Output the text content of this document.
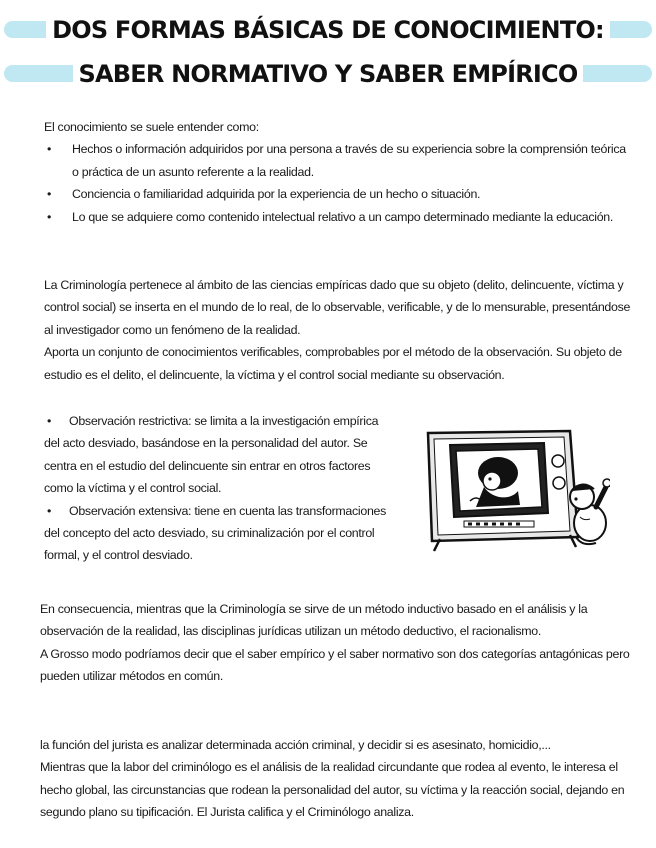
DOS FORMAS BÁSICAS DE CONOCIMIENTO:
SABER NORMATIVO Y SABER EMPÍRICO

El conocimiento se suele entender como:

• Hechos o información adquiridos por una persona a través de su experiencia sobre la comprensión teórica o práctica de un asunto referente a la realidad.
• Conciencia o familiaridad adquirida por la experiencia de un hecho o situación.
• Lo que se adquiere como contenido intelectual relativo a un campo determinado mediante la educación.

La Criminología pertenece al ámbito de las ciencias empíricas dado que su objeto (delito, delincuente, víctima y control social) se inserta en el mundo de lo real, de lo observable, verificable, y de lo mensurable, presentándose al investigador como un fenómeno de la realidad.

Aporta un conjunto de conocimientos verificables, comprobables por el método de la observación. Su objeto de estudio es el delito, el delincuente, la víctima y el control social mediante su observación.

• Observación restrictiva: se limita a la investigación empírica del acto desviado, basándose en la personalidad del autor. Se centra en el estudio del delincuente sin entrar en otros factores como la víctima y el control social.

• Observación extensiva: tiene en cuenta las transformaciones del concepto del acto desviado, su criminalización por el control formal, y el control desviado.

En consecuencia, mientras que la Criminología se sirve de un método inductivo basado en el análisis y la observación de la realidad, las disciplinas jurídicas utilizan un método deductivo, el racionalismo.

A Grosso modo podríamos decir que el saber empírico y el saber normativo son dos categorías antagónicas pero pueden utilizar métodos en común.

la función del jurista es analizar determinada acción criminal, y decidir si es asesinato, homicidio,...

Mientras que la labor del criminólogo es el análisis de la realidad circundante que rodea al evento, le interesa el hecho global, las circunstancias que rodean la personalidad del autor, su víctima y la reacción social, dejando en segundo plano su tipificación. El Jurista califica y el Criminólogo analiza.
